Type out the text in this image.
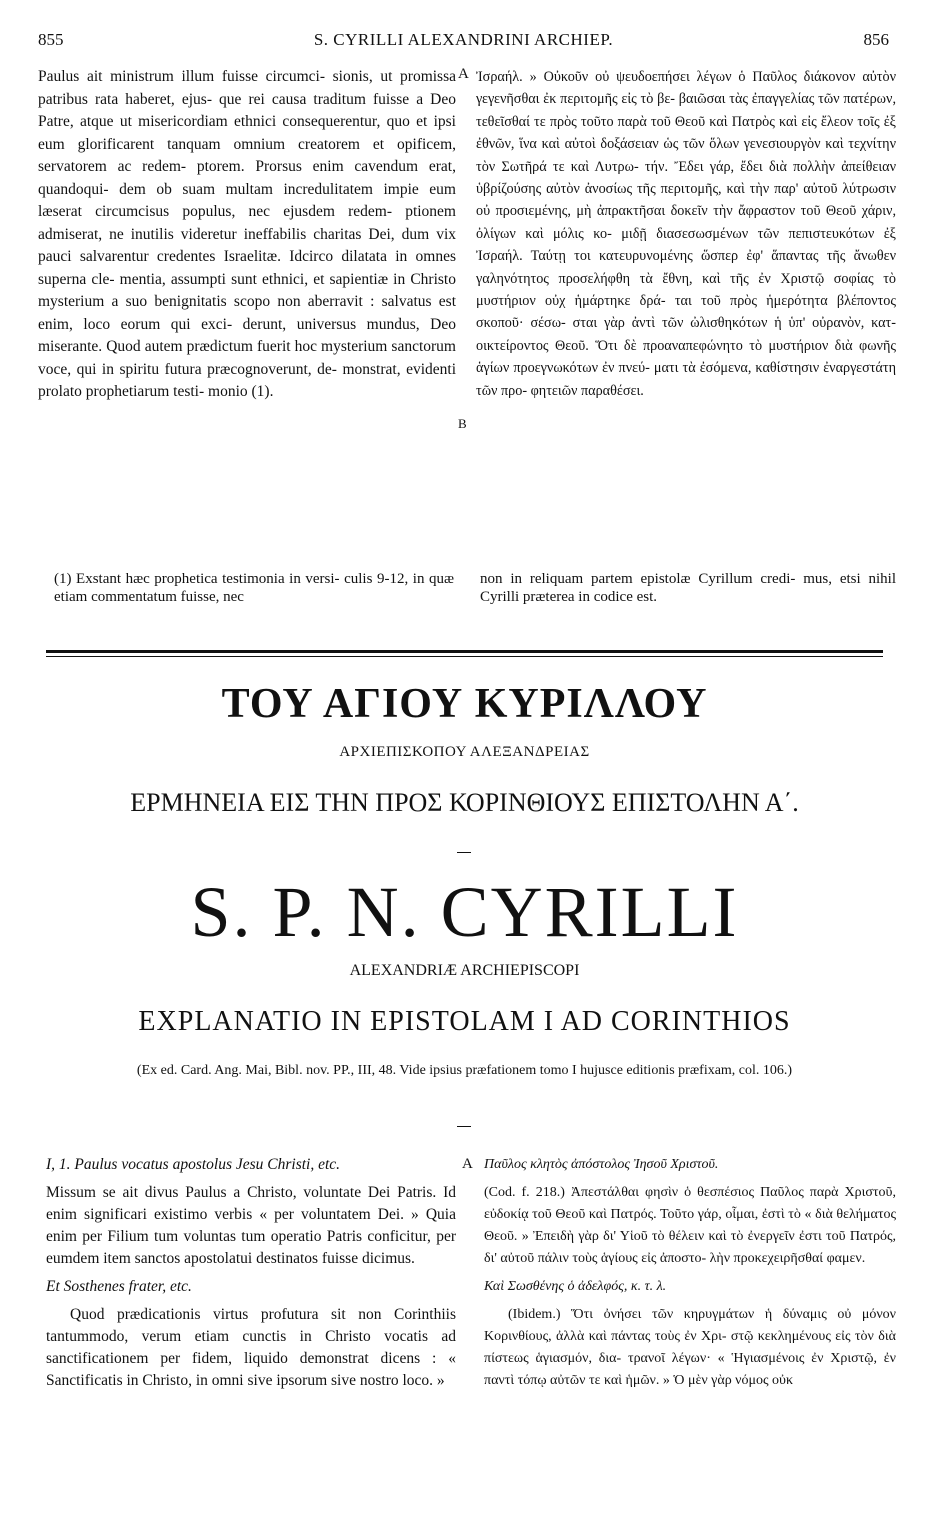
855	S. CYRILLI ALEXANDRINI ARCHIEP.	856

Paulus ait ministrum illum fuisse circumci- sionis, ut promissa patribus rata haberet, ejus- que rei causa traditum fuisse a Deo Patre, atque ut misericordiam ethnici consequerentur, quo et ipsi eum glorificarent tanquam omnium creatorem et opificem, servatorem ac redem- ptorem. Prorsus enim cavendum erat, quandoqui- dem ob suam multam incredulitatem impie eum læserat circumcisus populus, nec ejusdem redem- ptionem admiserat, ne inutilis videretur ineffabilis charitas Dei, dum vix pauci salvarentur credentes Israelitæ. Idcirco dilatata in omnes superna cle- mentia, assumpti sunt ethnici, et sapientiæ in Christo mysterium a suo benignitatis scopo non aberravit : salvatus est enim, loco eorum qui exci- derunt, universus mundus, Deo miserante. Quod autem prædictum fuerit hoc mysterium sanctorum voce, qui in spiritu futura præcognoverunt, de- monstrat, evidenti prolato prophetiarum testi- monio (1).

A
B

Ἰσραήλ. » Οὐκοῦν οὐ ψευδοεπήσει λέγων ὁ Παῦλος διάκονον αὐτὸν γεγενῆσθαι ἐκ περιτομῆς εἰς τὸ βε- βαιῶσαι τὰς ἐπαγγελίας τῶν πατέρων, τεθεῖσθαί τε πρὸς τοῦτο παρὰ τοῦ Θεοῦ καὶ Πατρὸς καὶ εἰς ἔλεον τοῖς ἐξ ἐθνῶν, ἵνα καὶ αὐτοὶ δοξάσειαν ὡς τῶν ὅλων γενεσιουργὸν καὶ τεχνίτην τὸν Σωτῆρά τε καὶ Λυτρω- τήν. Ἔδει γάρ, ἔδει διὰ πολλὴν ἀπείθειαν ὑβρίζούσης αὐτὸν ἀνοσίως τῆς περιτομῆς, καὶ τὴν παρ' αὐτοῦ λύτρωσιν οὐ προσιεμένης, μὴ ἀπρακτῆσαι δοκεῖν τὴν ἄφραστον τοῦ Θεοῦ χάριν, ὀλίγων καὶ μόλις κο- μιδῇ διασεσωσμένων τῶν πεπιστευκότων ἐξ Ἰσραήλ. Ταύτῃ τοι κατευρυνομένης ὥσπερ ἐφ' ἅπαντας τῆς ἄνωθεν γαληνότητος προσελήφθη τὰ ἔθνη, καὶ τῆς ἐν Χριστῷ σοφίας τὸ μυστήριον οὐχ ἡμάρτηκε δρά- ται τοῦ πρὸς ἡμερότητα βλέποντος σκοποῦ· σέσω- σται γὰρ ἀντὶ τῶν ὠλισθηκότων ἡ ὑπ' οὐρανὸν, κατ- οικτείροντος Θεοῦ. Ὅτι δὲ προαναπεφώνητο τὸ μυστήριον διὰ φωνῆς ἁγίων προεγνωκότων ἐν πνεύ- ματι τὰ ἐσόμενα, καθίστησιν ἐναργεστάτη τῶν προ- φητειῶν παραθέσει.

(1) Exstant hæc prophetica testimonia in versi- culis 9-12, in quæ etiam commentatum fuisse, nec
non in reliquam partem epistolæ Cyrillum credi- mus, etsi nihil Cyrilli præterea in codice est.
ΤΟΥ ΑΓΙΟΥ ΚΥΡΙΛΛΟΥ
ΑΡΧΙΕΠΙΣΚΟΠΟΥ ΑΛΕΞΑΝΔΡΕΙΑΣ
ΕΡΜΗΝΕΙΑ ΕΙΣ ΤΗΝ ΠΡΟΣ ΚΟΡΙΝΘΙΟΥΣ ΕΠΙΣΤΟΛΗΝ Α΄.
S. P. N. CYRILLI
ALEXANDRIÆ ARCHIEPISCOPI
EXPLANATIO IN EPISTOLAM I AD CORINTHIOS
(Ex ed. Card. Ang. Mai, Bibl. nov. PP., III, 48. Vide ipsius præfationem tomo I hujusce editionis præfixam, col. 106.)

I, 1. Paulus vocatus apostolus Jesu Christi, etc.

Missum se ait divus Paulus a Christo, voluntate Dei Patris. Id enim significari existimo verbis « per voluntatem Dei. » Quia enim per Filium tum voluntas tum operatio Patris conficitur, per eumdem item sanctos apostolatui destinatos fuisse dicimus.

Et Sosthenes frater, etc.

Quod prædicationis virtus profutura sit non Corinthiis tantummodo, verum etiam cunctis in Christo vocatis ad sanctificationem per fidem, liquido demonstrat dicens : « Sanctificatis in Christo, in omni sive ipsorum sive nostro loco. »

A Παῦλος κλητὸς ἀπόστολος Ἰησοῦ Χριστοῦ.

(Cod. f. 218.) Ἀπεστάλθαι φησὶν ὁ θεσπέσιος Παῦλος παρὰ Χριστοῦ, εὐδοκίᾳ τοῦ Θεοῦ καὶ Πατρός. Τοῦτο γάρ, οἶμαι, ἐστὶ τὸ « διὰ θελήματος Θεοῦ. » Ἐπειδὴ γὰρ δι' Υἱοῦ τὸ θέλειν καὶ τὸ ἐνεργεῖν ἐστι τοῦ Πατρός, δι' αὐτοῦ πάλιν τοὺς ἁγίους εἰς ἀποστο- λὴν προκεχειρῆσθαί φαμεν.

Καὶ Σωσθένης ὁ ἀδελφός, κ. τ. λ.

(Ibidem.) Ὅτι ὀνήσει τῶν κηρυγμάτων ἡ δύναμις οὐ μόνον Κορινθίους, ἀλλὰ καὶ πάντας τοὺς ἐν Χρι- στῷ κεκλημένους εἰς τὸν διὰ πίστεως ἁγιασμόν, δια- τρανοῖ λέγων· « Ἡγιασμένοις ἐν Χριστῷ, ἐν παντὶ τόπῳ αὐτῶν τε καὶ ἡμῶν. » Ὁ μὲν γὰρ νόμος οὐκ
